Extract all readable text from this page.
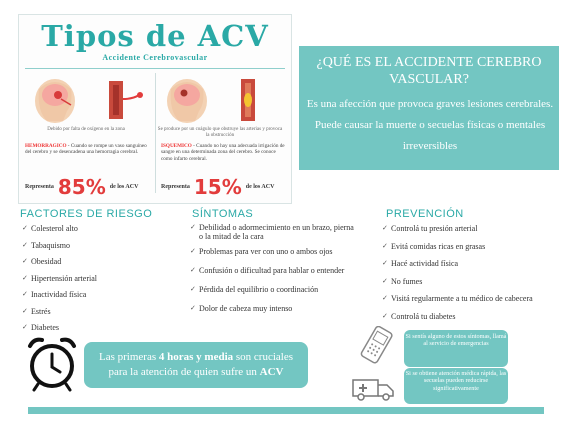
Tipos de ACV
Accidente Cerebrovascular
Debido por falta de oxígeno en la zona
HEMORRAGICO - Cuando se rompe un vaso sanguíneo del cerebro y se desencadena una hemorragia cerebral.
Representa 85% de los ACV
Se produce por un coágulo que obstruye las arterias y provoca la obstrucción
ISQUEMICO - Cuando no hay una adecuada irrigación de sangre en una determinada zona del cerebro. Se conoce como infarto cerebral.
Representa 15% de los ACV
¿QUÉ ES EL ACCIDENTE CEREBRO VASCULAR?
Es una afección que provoca graves lesiones cerebrales. Puede causar la muerte o secuelas físicas o mentales irreversibles
FACTORES DE RIESGO
✓ Colesterol alto
✓ Tabaquismo
✓ Obesidad
✓ Hipertensión arterial
✓ Inactividad física
✓ Estrés
✓ Diabetes
SÍNTOMAS
✓ Debilidad o adormecimiento en un brazo, pierna o la mitad de la cara
✓ Problemas para ver con uno o ambos ojos
✓ Confusión o dificultad para hablar o entender
✓ Pérdida del equilibrio o coordinación
✓ Dolor de cabeza muy intenso
PREVENCIÓN
✓ Controlá tu presión arterial
✓ Evitá comidas ricas en grasas
✓ Hacé actividad física
✓ No fumes
✓ Visitá regularmente a tu médico de cabecera
✓ Controlá tu diabetes
Las primeras 4 horas y media son cruciales para la atención de quien sufre un ACV
Si sentís alguno de estos síntomas, llamá al servicio de emergencias
Si se obtiene atención médica rápida, las secuelas pueden reducirse significativamente
